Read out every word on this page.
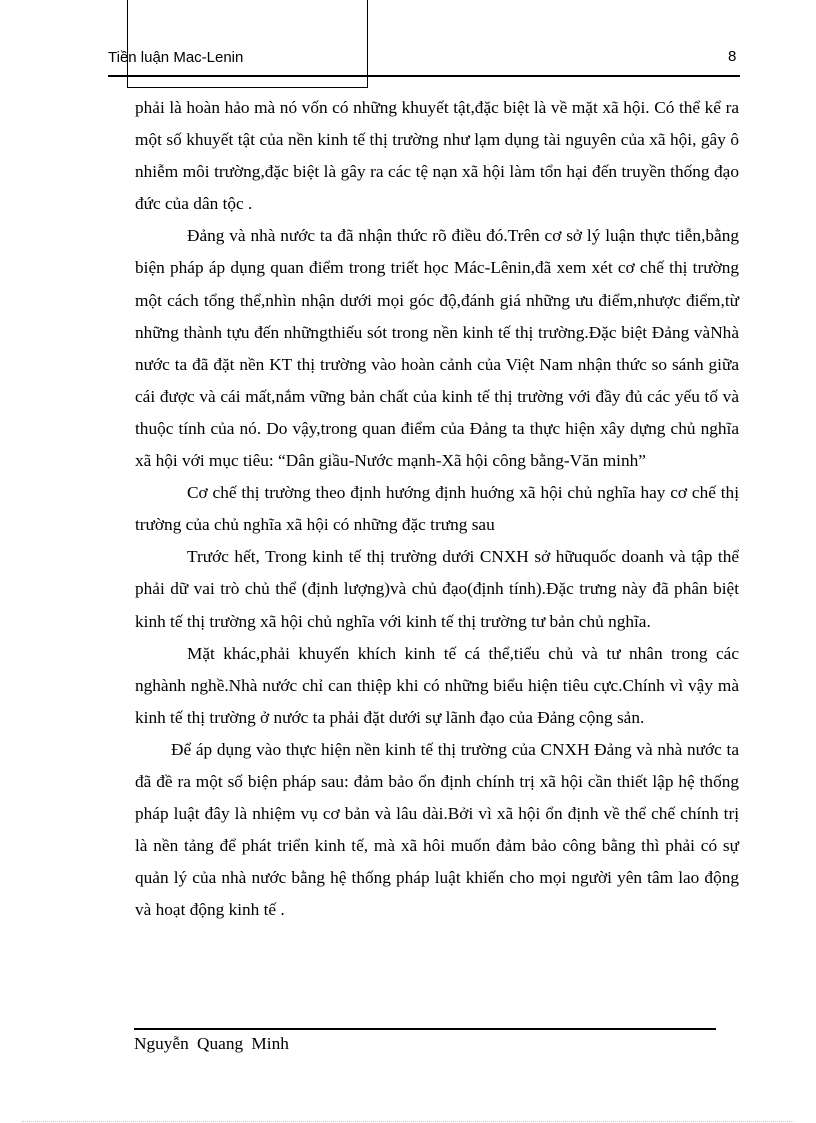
Tiền luận Mac-Lenin	8

phải là hoàn hảo mà nó vốn có những khuyết tật,đặc biệt là về mặt xã hội. Có thể kể ra một số khuyết tật của nền kinh tế thị trường như lạm dụng tài nguyên của xã hội, gây ô nhiễm môi trường,đặc biệt là gây ra các tệ nạn xã hội làm tổn hại đến truyền thống đạo đức của dân tộc .

Đảng và nhà nước ta đã nhận thức rõ điều đó.Trên cơ sở lý luận thực tiễn,bằng biện pháp áp dụng quan điểm trong triết học Mác-Lênin,đã xem xét cơ chế thị trường một cách tổng thể,nhìn nhận dưới mọi góc độ,đánh giá những ưu điểm,nhược điểm,từ những thành tựu đến nhữngthiếu sót trong nền kinh tế thị trường.Đặc biệt Đảng vàNhà nước ta đã đặt nền KT thị trường vào hoàn cảnh của Việt Nam nhận thức so sánh giữa cái được và cái mất,nắm vững bản chất của kinh tế thị trường với đầy đủ các yếu tố và thuộc tính của nó. Do vậy,trong quan điểm của Đảng ta thực hiện xây dựng chủ nghĩa xã hội với mục tiêu: “Dân giầu-Nước mạnh-Xã hội công bằng-Văn minh”

Cơ chế thị trường theo định hướng định huớng xã hội chủ nghĩa hay cơ chế thị trường của chủ nghĩa xã hội có những đặc trưng sau

Trước hết, Trong kinh tế thị trường dưới CNXH sở hữuquốc doanh và tập thể phải dữ vai trò chủ thể (định lượng)và chủ đạo(định tính).Đặc trưng này đã phân biệt kinh tế thị trường xã hội chủ nghĩa với kinh tế thị trường tư bản chủ nghĩa.

Mặt khác,phải khuyến khích kinh tế cá thể,tiểu chủ và tư nhân trong các nghành nghề.Nhà nước chỉ can thiệp khi có những biểu hiện tiêu cực.Chính vì vậy mà kinh tế thị trường ở nước ta phải đặt dưới sự lãnh đạo của Đảng cộng sản.

Để áp dụng vào thực hiện nền kinh tế thị trường của CNXH Đảng và nhà nước ta đã đề ra một số biện pháp sau: đảm bảo ổn định chính trị xã hội cần thiết lập hệ thống pháp luật đây là nhiệm vụ cơ bản và lâu dài.Bởi vì xã hội ổn định về thể chế chính trị là nền tảng để phát triển kinh tế, mà xã hôi muốn đảm bảo công bằng thì phải có sự quản lý của nhà nước bằng hệ thống pháp luật khiến cho mọi người yên tâm lao động và hoạt động kinh tế .

Nguyễn Quang Minh
